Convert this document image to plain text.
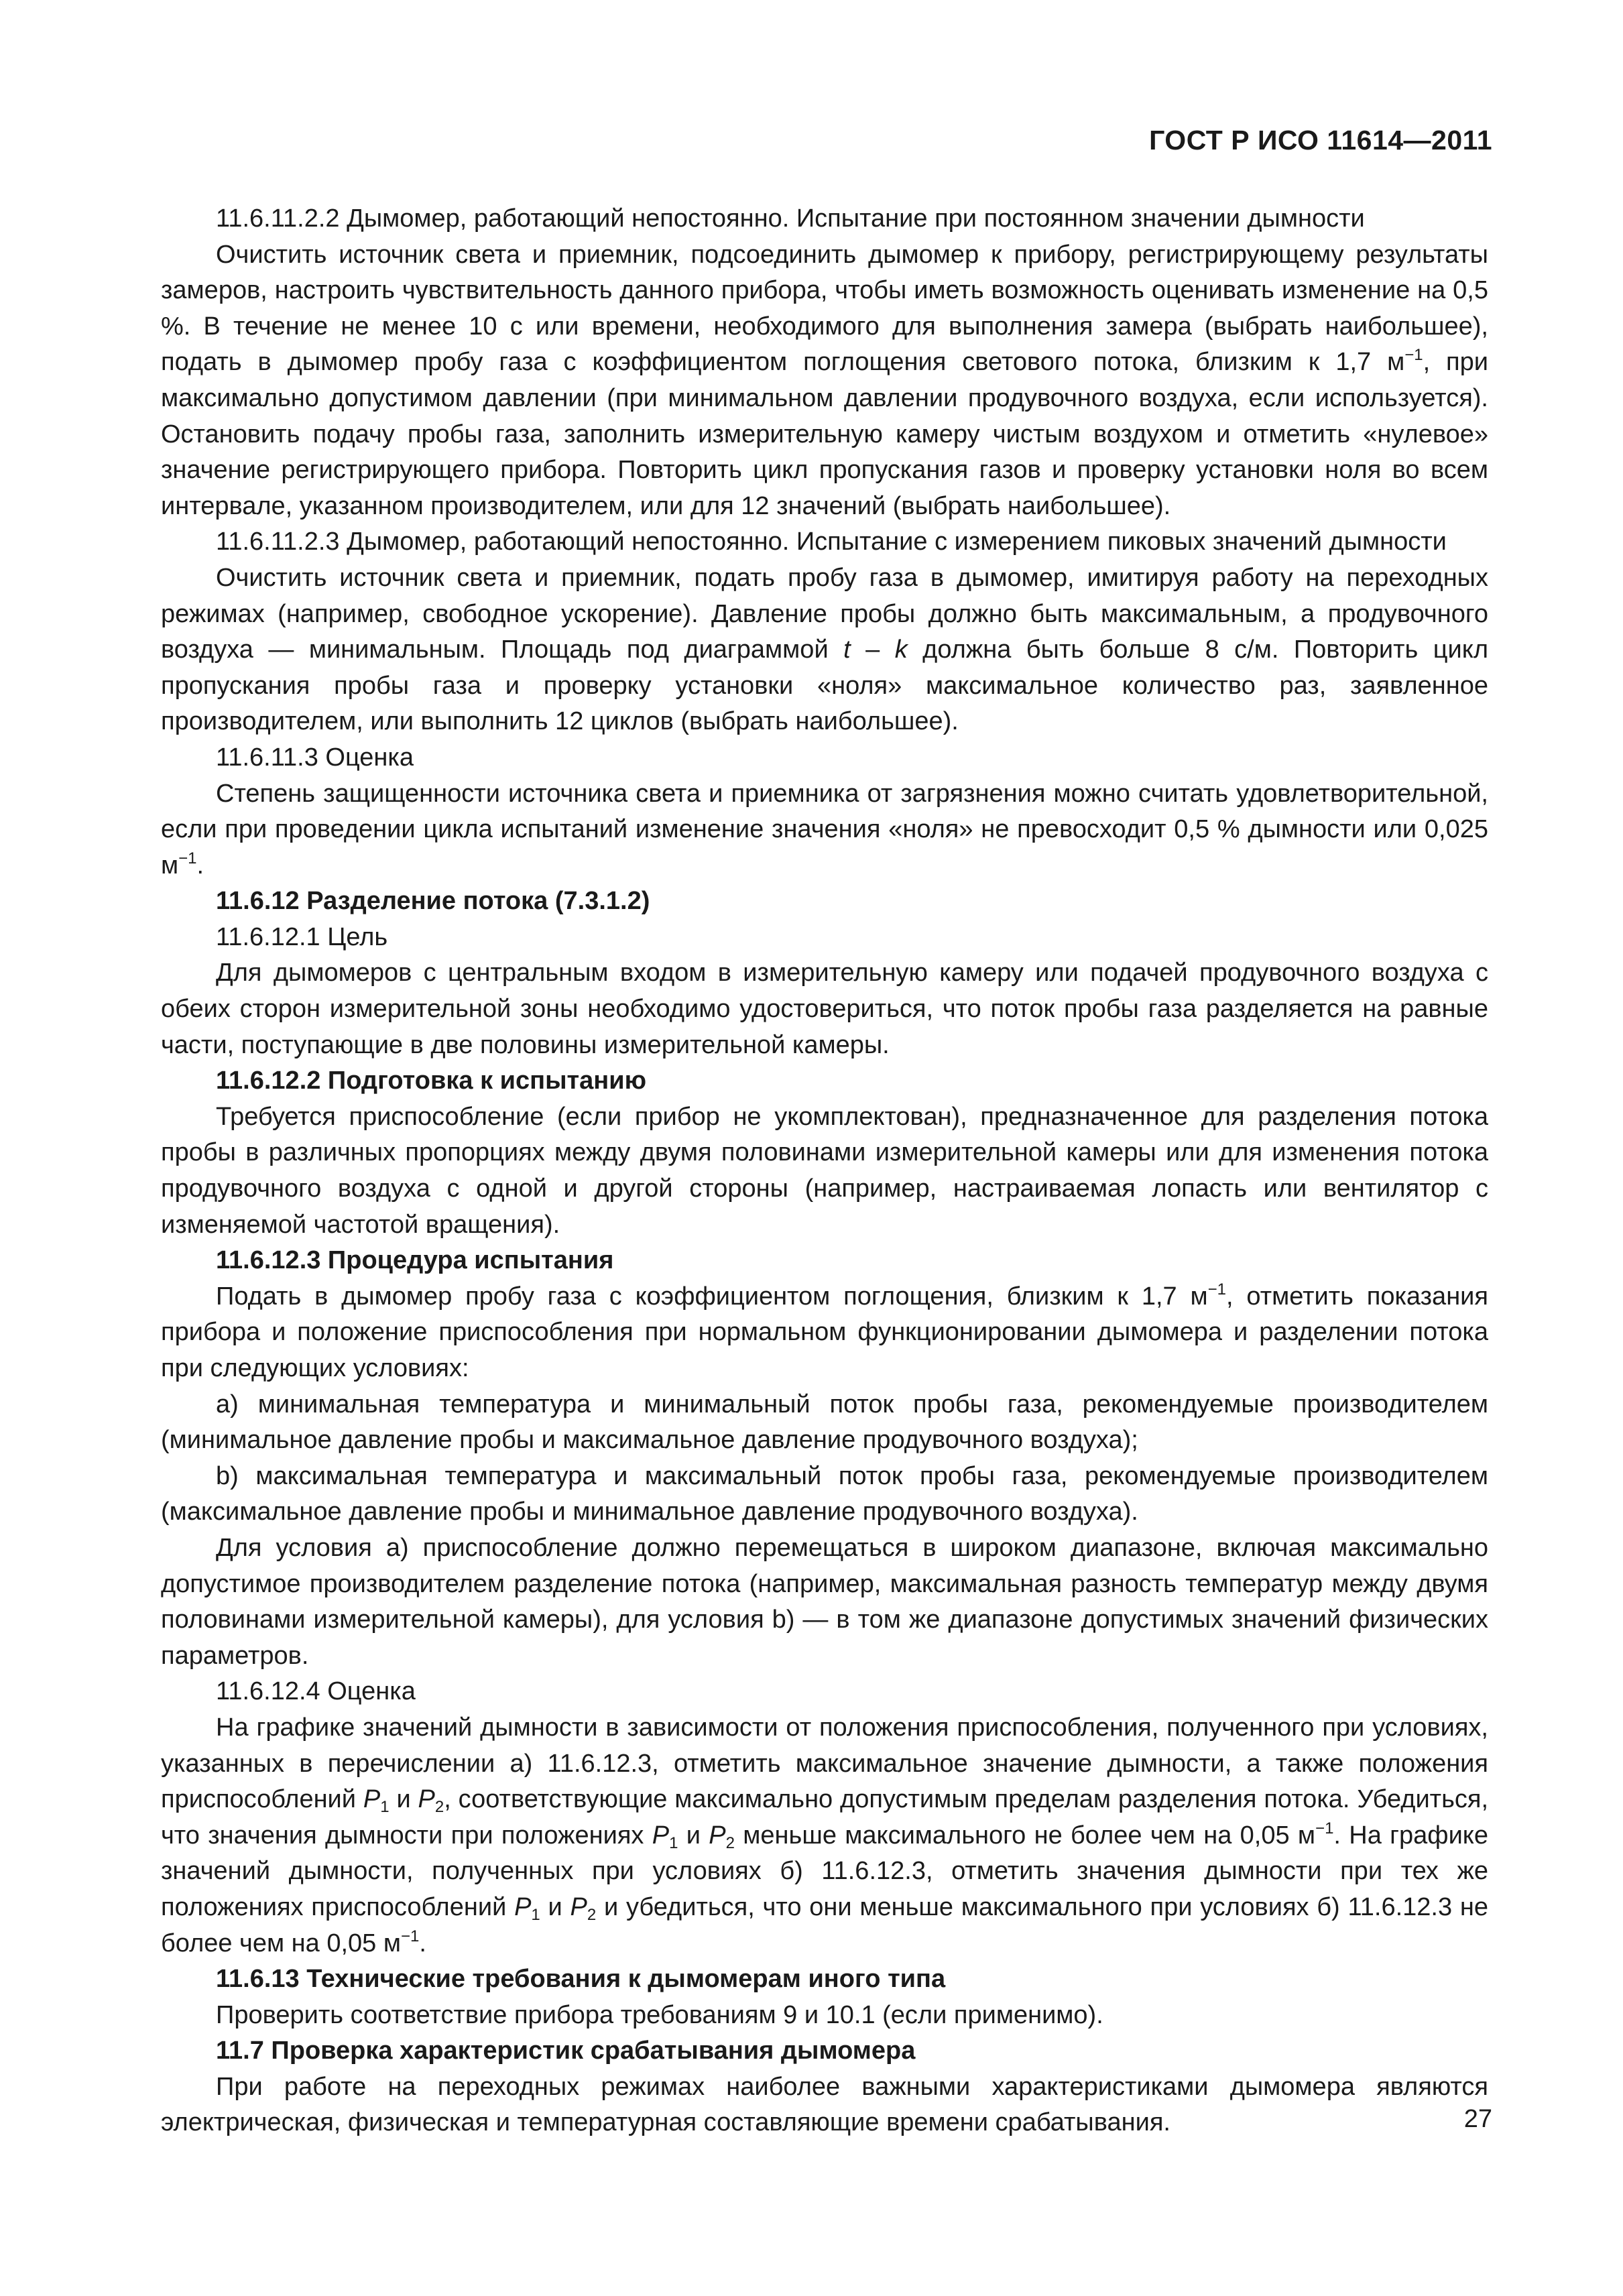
ГОСТ Р ИСО 11614—2011

11.6.11.2.2 Дымомер, работающий непостоянно. Испытание при постоянном значении дымности

Очистить источник света и приемник, подсоединить дымомер к прибору, регистрирующему результаты замеров, настроить чувствительность данного прибора, чтобы иметь возможность оценивать изменение на 0,5 %. В течение не менее 10 с или времени, необходимого для выполнения замера (выбрать наибольшее), подать в дымомер пробу газа с коэффициентом поглощения светового потока, близким к 1,7 $м^{-1}$, при максимально допустимом давлении (при минимальном давлении продувочного воздуха, если используется). Остановить подачу пробы газа, заполнить измерительную камеру чистым воздухом и отметить «нулевое» значение регистрирующего прибора. Повторить цикл пропускания газов и проверку установки ноля во всем интервале, указанном производителем, или для 12 значений (выбрать наибольшее).

11.6.11.2.3 Дымомер, работающий непостоянно. Испытание с измерением пиковых значений дымности

Очистить источник света и приемник, подать пробу газа в дымомер, имитируя работу на переходных режимах (например, свободное ускорение). Давление пробы должно быть максимальным, а продувочного воздуха — минимальным. Площадь под диаграммой t – k должна быть больше 8 с/м. Повторить цикл пропускания пробы газа и проверку установки «ноля» максимальное количество раз, заявленное производителем, или выполнить 12 циклов (выбрать наибольшее).

11.6.11.3 Оценка

Степень защищенности источника света и приемника от загрязнения можно считать удовлетворительной, если при проведении цикла испытаний изменение значения «ноля» не превосходит 0,5 % дымности или 0,025 $м^{-1}$.

11.6.12 Разделение потока (7.3.1.2)

11.6.12.1 Цель

Для дымомеров с центральным входом в измерительную камеру или подачей продувочного воздуха с обеих сторон измерительной зоны необходимо удостовериться, что поток пробы газа разделяется на равные части, поступающие в две половины измерительной камеры.

11.6.12.2 Подготовка к испытанию

Требуется приспособление (если прибор не укомплектован), предназначенное для разделения потока пробы в различных пропорциях между двумя половинами измерительной камеры или для изменения потока продувочного воздуха с одной и другой стороны (например, настраиваемая лопасть или вентилятор с изменяемой частотой вращения).

11.6.12.3 Процедура испытания

Подать в дымомер пробу газа с коэффициентом поглощения, близким к 1,7 $м^{-1}$, отметить показания прибора и положение приспособления при нормальном функционировании дымомера и разделении потока при следующих условиях:

а) минимальная температура и минимальный поток пробы газа, рекомендуемые производителем (минимальное давление пробы и максимальное давление продувочного воздуха);

b) максимальная температура и максимальный поток пробы газа, рекомендуемые производителем (максимальное давление пробы и минимальное давление продувочного воздуха).

Для условия а) приспособление должно перемещаться в широком диапазоне, включая максимально допустимое производителем разделение потока (например, максимальная разность температур между двумя половинами измерительной камеры), для условия b) — в том же диапазоне допустимых значений физических параметров.

11.6.12.4 Оценка

На графике значений дымности в зависимости от положения приспособления, полученного при условиях, указанных в перечислении а) 11.6.12.3, отметить максимальное значение дымности, а также положения приспособлений $P_1$ и $P_2$, соответствующие максимально допустимым пределам разделения потока. Убедиться, что значения дымности при положениях $P_1$ и $P_2$ меньше максимального не более чем на 0,05 $м^{-1}$. На графике значений дымности, полученных при условиях б) 11.6.12.3, отметить значения дымности при тех же положениях приспособлений $P_1$ и $P_2$ и убедиться, что они меньше максимального при условиях б) 11.6.12.3 не более чем на 0,05 $м^{-1}$.

11.6.13 Технические требования к дымомерам иного типа

Проверить соответствие прибора требованиям 9 и 10.1 (если применимо).

11.7 Проверка характеристик срабатывания дымомера

При работе на переходных режимах наиболее важными характеристиками дымомера являются электрическая, физическая и температурная составляющие времени срабатывания.	27
